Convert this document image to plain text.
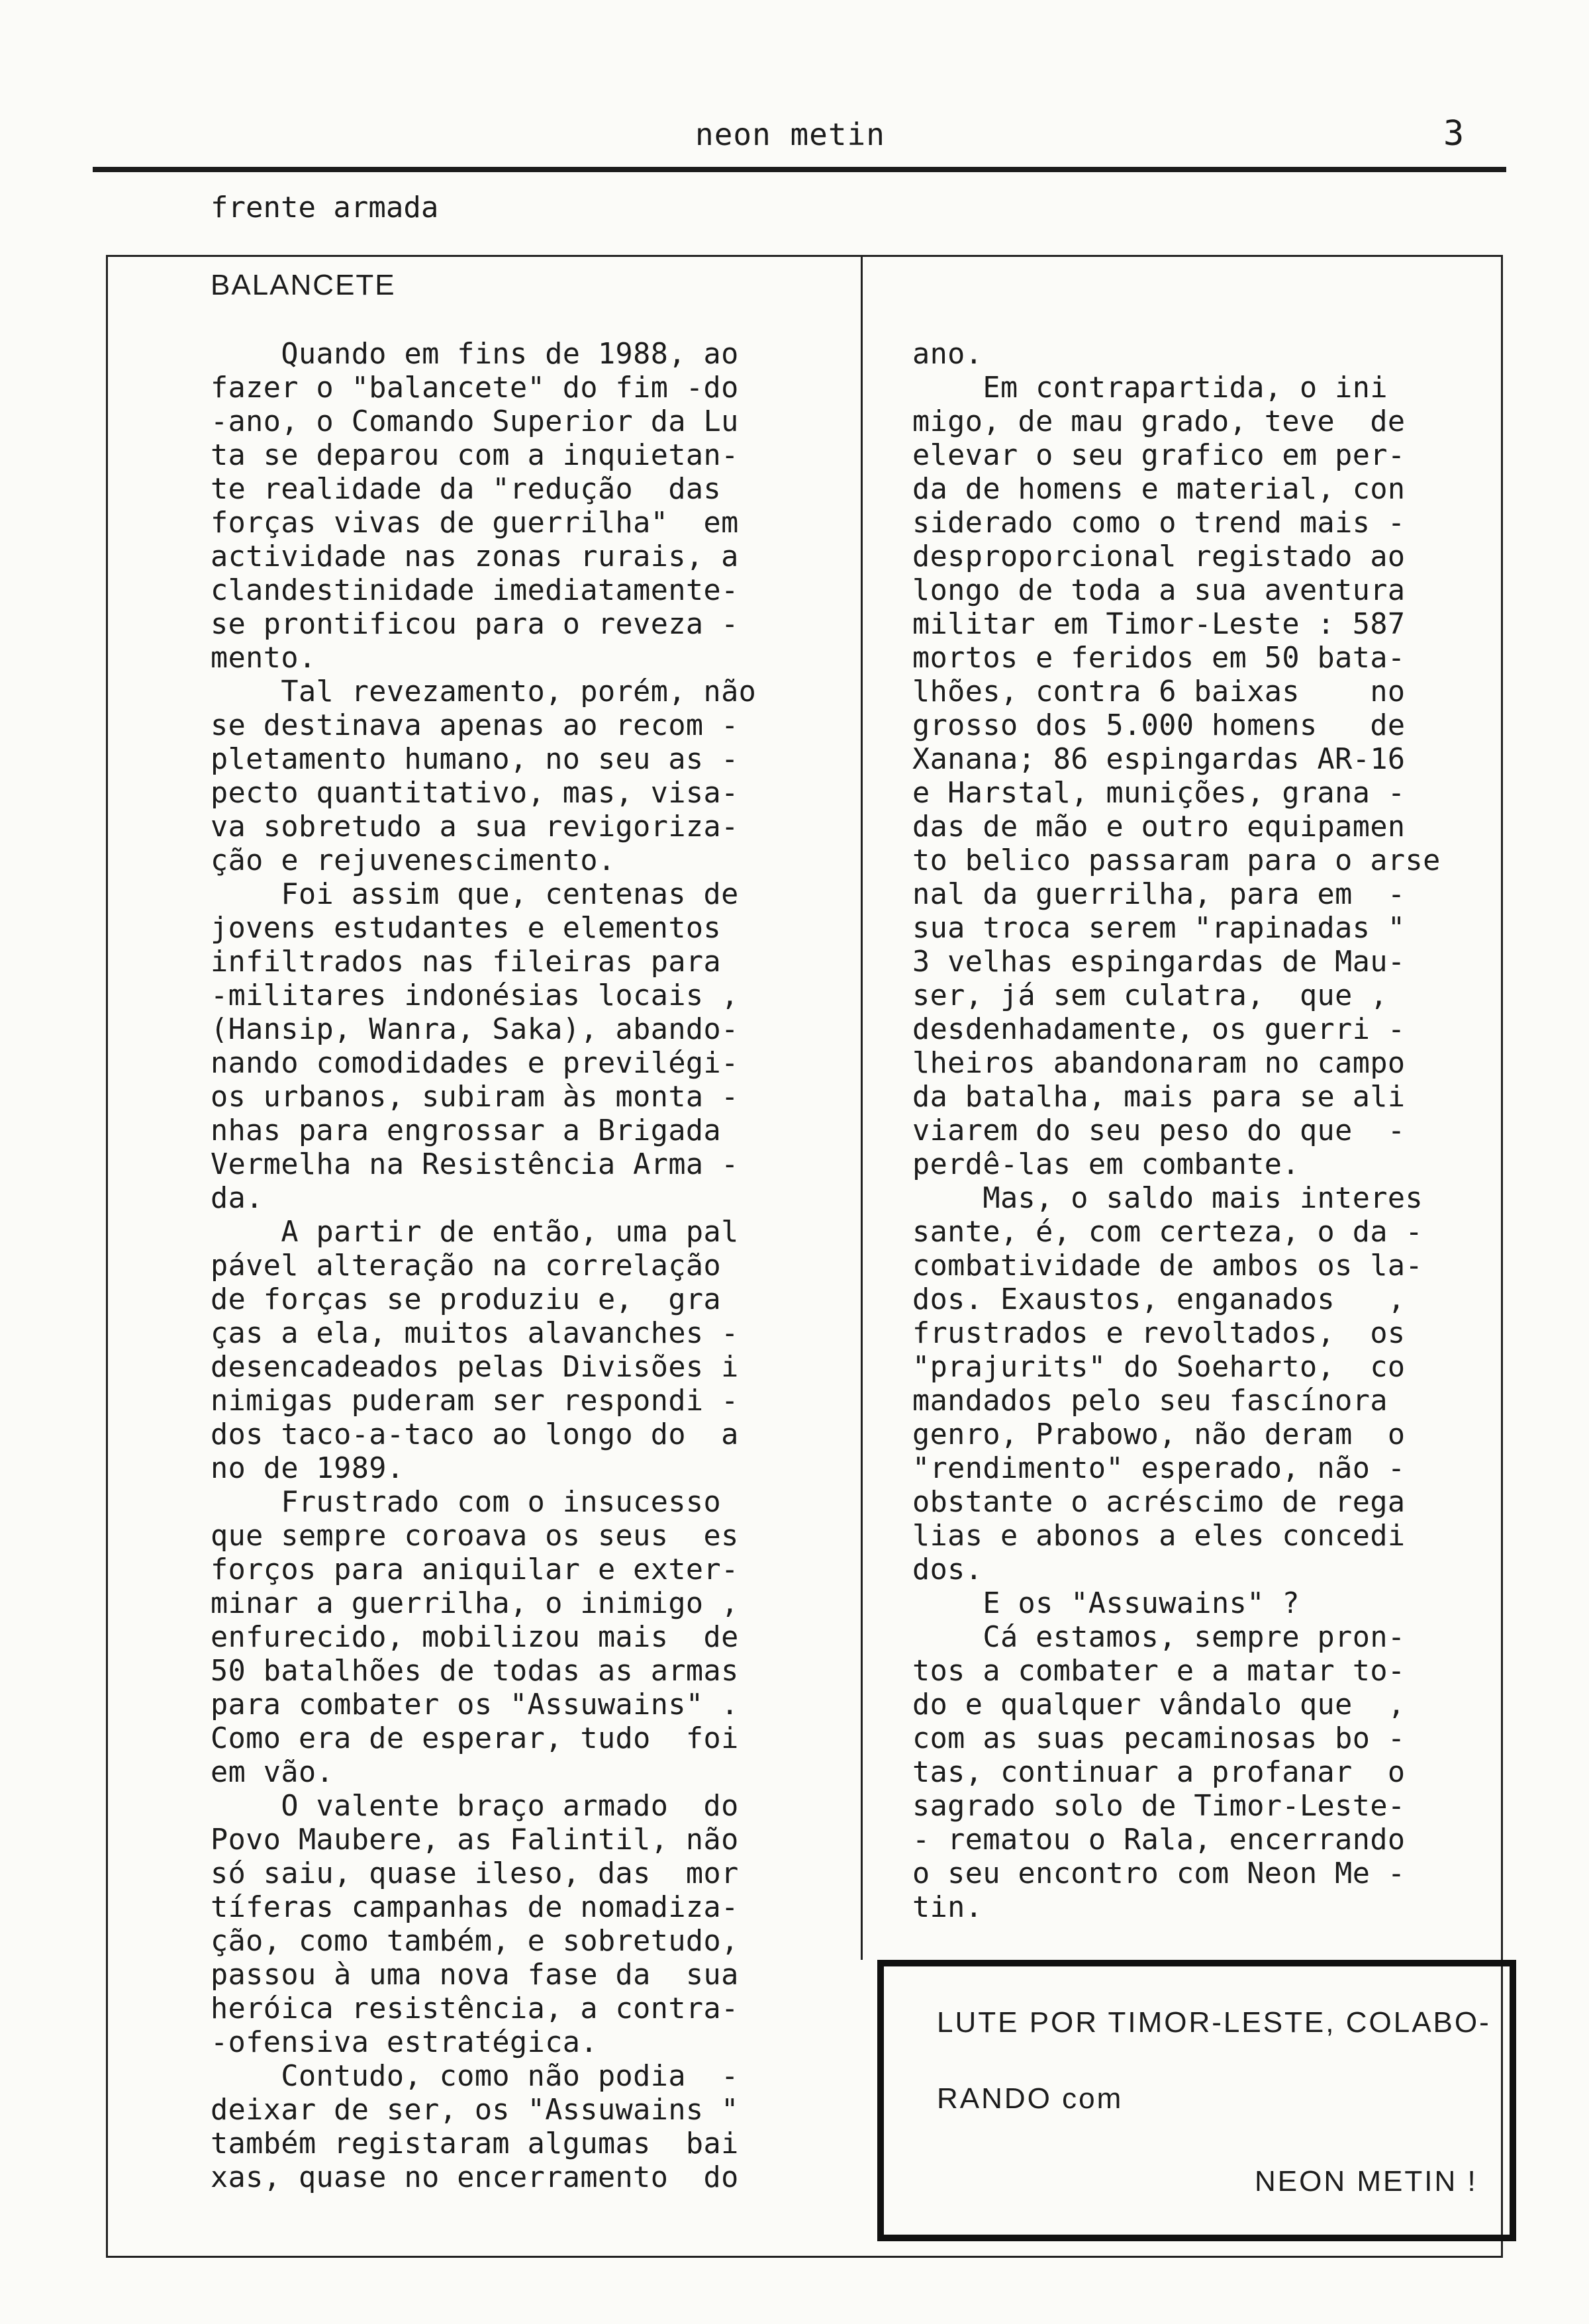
neon metin	3
frente armada
BALANCETE
Quando em fins de 1988, ao
fazer o "balancete" do fim -do
-ano, o Comando Superior da Lu
ta se deparou com a inquietan-
te realidade da "redução  das
forças vivas de guerrilha"  em
actividade nas zonas rurais, a
clandestinidade imediatamente-
se prontificou para o reveza -
mento.
Tal revezamento, porém, não
se destinava apenas ao recom -
pletamento humano, no seu as -
pecto quantitativo, mas, visa-
va sobretudo a sua revigoriza-
ção e rejuvenescimento.
Foi assim que, centenas de
jovens estudantes e elementos
infiltrados nas fileiras para
-militares indonésias locais ,
(Hansip, Wanra, Saka), abando-
nando comodidades e previlégi-
os urbanos, subiram às monta -
nhas para engrossar a Brigada
Vermelha na Resistência Arma -
da.
A partir de então, uma pal
pável alteração na correlação
de forças se produziu e,  gra
ças a ela, muitos alavanches -
desencadeados pelas Divisões i
nimigas puderam ser respondi -
dos taco-a-taco ao longo do  a
no de 1989.
Frustrado com o insucesso
que sempre coroava os seus  es
forços para aniquilar e exter-
minar a guerrilha, o inimigo ,
enfurecido, mobilizou mais  de
50 batalhões de todas as armas
para combater os "Assuwains" .
Como era de esperar, tudo  foi
em vão.
O valente braço armado  do
Povo Maubere, as Falintil, não
só saiu, quase ileso, das  mor
tíferas campanhas de nomadiza-
ção, como também, e sobretudo,
passou à uma nova fase da  sua
heróica resistência, a contra-
-ofensiva estratégica.
Contudo, como não podia  -
deixar de ser, os "Assuwains "
também registaram algumas  bai
xas, quase no encerramento  do
ano.
Em contrapartida, o ini
migo, de mau grado, teve  de
elevar o seu grafico em per-
da de homens e material, con
siderado como o trend mais -
desproporcional registado ao
longo de toda a sua aventura
militar em Timor-Leste : 587
mortos e feridos em 50 bata-
lhões, contra 6 baixas    no
grosso dos 5.000 homens   de
Xanana; 86 espingardas AR-16
e Harstal, munições, grana -
das de mão e outro equipamen
to belico passaram para o arse
nal da guerrilha, para em  -
sua troca serem "rapinadas "
3 velhas espingardas de Mau-
ser, já sem culatra,  que ,
desdenhadamente, os guerri -
lheiros abandonaram no campo
da batalha, mais para se ali
viarem do seu peso do que  -
perdê-las em combante.
Mas, o saldo mais interes
sante, é, com certeza, o da -
combatividade de ambos os la-
dos. Exaustos, enganados   ,
frustrados e revoltados,  os
"prajurits" do Soeharto,  co
mandados pelo seu fascínora
genro, Prabowo, não deram  o
"rendimento" esperado, não -
obstante o acréscimo de rega
lias e abonos a eles concedi
dos.
E os "Assuwains" ?
Cá estamos, sempre pron-
tos a combater e a matar to-
do e qualquer vândalo que  ,
com as suas pecaminosas bo -
tas, continuar a profanar  o
sagrado solo de Timor-Leste-
- rematou o Rala, encerrando
o seu encontro com Neon Me -
tin.
LUTE POR TIMOR-LESTE, COLABO-
RANDO com
NEON METIN !
